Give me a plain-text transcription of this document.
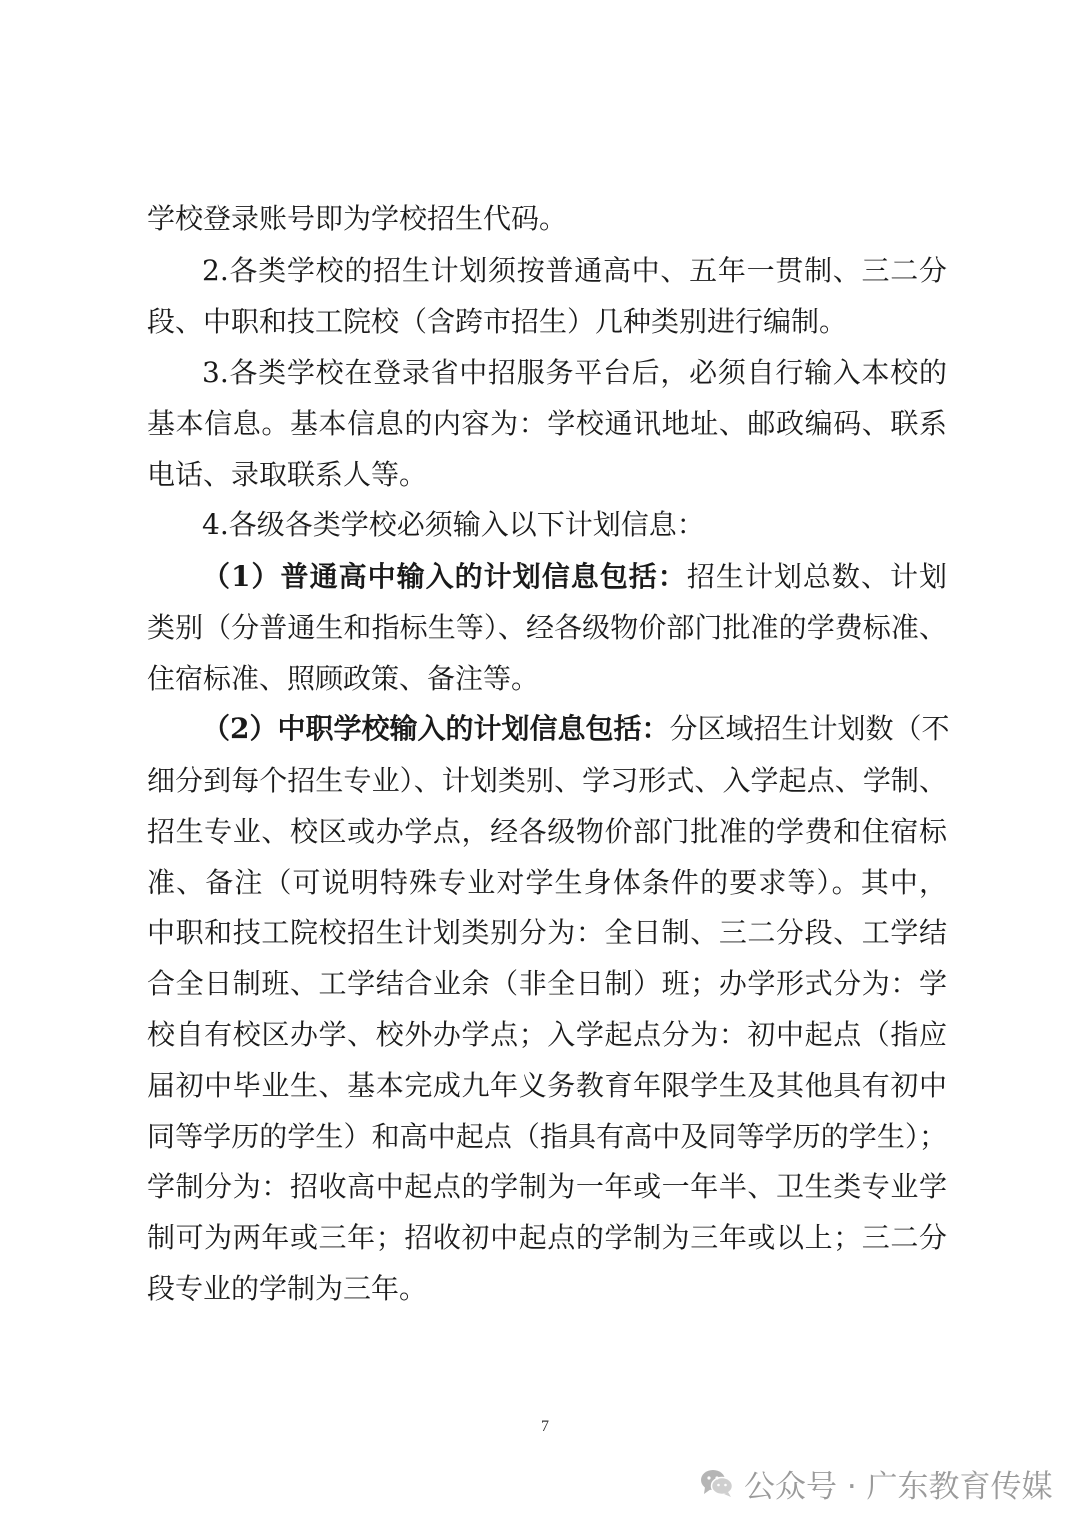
学校登录账号即为学校招生代码。
2.各类学校的招生计划须按普通高中、五年一贯制、三二分
段、中职和技工院校（含跨市招生）几种类别进行编制。
3.各类学校在登录省中招服务平台后，必须自行输入本校的
基本信息。基本信息的内容为：学校通讯地址、邮政编码、联系
电话、录取联系人等。
4.各级各类学校必须输入以下计划信息：
（1）普通高中输入的计划信息包括：招生计划总数、计划
类别（分普通生和指标生等）、经各级物价部门批准的学费标准、
住宿标准、照顾政策、备注等。
（2）中职学校输入的计划信息包括：分区域招生计划数（不
细分到每个招生专业）、计划类别、学习形式、入学起点、学制、
招生专业、校区或办学点，经各级物价部门批准的学费和住宿标
准、备注（可说明特殊专业对学生身体条件的要求等）。其中，
中职和技工院校招生计划类别分为：全日制、三二分段、工学结
合全日制班、工学结合业余（非全日制）班；办学形式分为：学
校自有校区办学、校外办学点；入学起点分为：初中起点（指应
届初中毕业生、基本完成九年义务教育年限学生及其他具有初中
同等学历的学生）和高中起点（指具有高中及同等学历的学生）；
学制分为：招收高中起点的学制为一年或一年半、卫生类专业学
制可为两年或三年；招收初中起点的学制为三年或以上；三二分
段专业的学制为三年。
7
公众号 · 广东教育传媒
